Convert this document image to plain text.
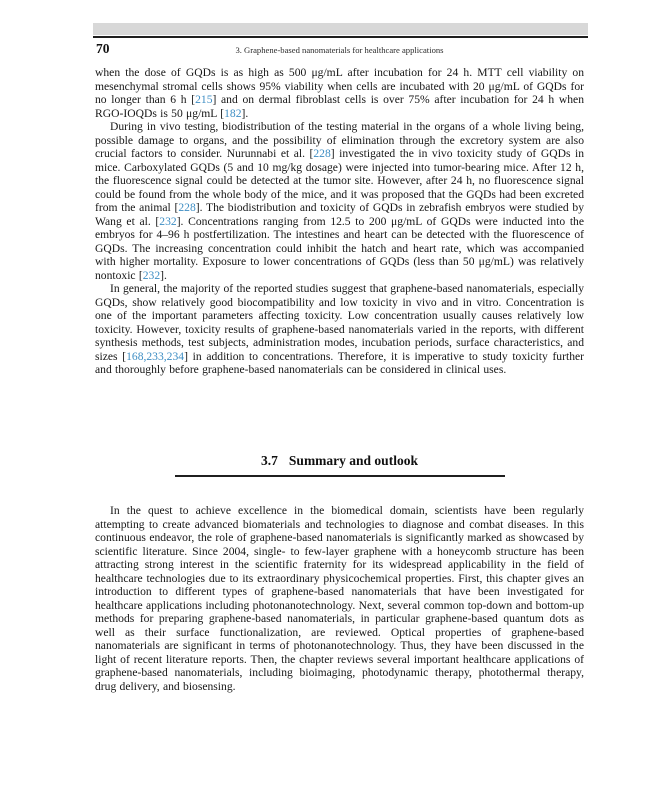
70	3. Graphene-based nanomaterials for healthcare applications

when the dose of GQDs is as high as 500 μg/mL after incubation for 24 h. MTT cell viability on mesenchymal stromal cells shows 95% viability when cells are incubated with 20 μg/mL of GQDs for no longer than 6 h [215] and on dermal fibroblast cells is over 75% after incubation for 24 h when RGO-IOQDs is 50 μg/mL [182].

During in vivo testing, biodistribution of the testing material in the organs of a whole living being, possible damage to organs, and the possibility of elimination through the excretory system are also crucial factors to consider. Nurunnabi et al. [228] investigated the in vivo toxicity study of GQDs in mice. Carboxylated GQDs (5 and 10 mg/kg dosage) were injected into tumor-bearing mice. After 12 h, the fluorescence signal could be detected at the tumor site. However, after 24 h, no fluorescence signal could be found from the whole body of the mice, and it was proposed that the GQDs had been excreted from the animal [228]. The biodistribution and toxicity of GQDs in zebrafish embryos were studied by Wang et al. [232]. Concentrations ranging from 12.5 to 200 μg/mL of GQDs were inducted into the embryos for 4–96 h postfertilization. The intestines and heart can be detected with the fluorescence of GQDs. The increasing concentration could inhibit the hatch and heart rate, which was accompanied with higher mortality. Exposure to lower concentrations of GQDs (less than 50 μg/mL) was relatively nontoxic [232].

In general, the majority of the reported studies suggest that graphene-based nanomaterials, especially GQDs, show relatively good biocompatibility and low toxicity in vivo and in vitro. Concentration is one of the important parameters affecting toxicity. Low concentration usually causes relatively low toxicity. However, toxicity results of graphene-based nanomaterials varied in the reports, with different synthesis methods, test subjects, administration modes, incubation periods, surface characteristics, and sizes [168,233,234] in addition to concentrations. Therefore, it is imperative to study toxicity further and thoroughly before graphene-based nanomaterials can be considered in clinical uses.

3.7 Summary and outlook

In the quest to achieve excellence in the biomedical domain, scientists have been regularly attempting to create advanced biomaterials and technologies to diagnose and combat diseases. In this continuous endeavor, the role of graphene-based nanomaterials is significantly marked as showcased by scientific literature. Since 2004, single- to few-layer graphene with a honeycomb structure has been attracting strong interest in the scientific fraternity for its widespread applicability in the field of healthcare technologies due to its extraordinary physicochemical properties. First, this chapter gives an introduction to different types of graphene-based nanomaterials that have been investigated for healthcare applications including photonanotechnology. Next, several common top-down and bottom-up methods for preparing graphene-based nanomaterials, in particular graphene-based quantum dots as well as their surface functionalization, are reviewed. Optical properties of graphene-based nanomaterials are significant in terms of photonanotechnology. Thus, they have been discussed in the light of recent literature reports. Then, the chapter reviews several important healthcare applications of graphene-based nanomaterials, including bioimaging, photodynamic therapy, photothermal therapy, drug delivery, and biosensing.
